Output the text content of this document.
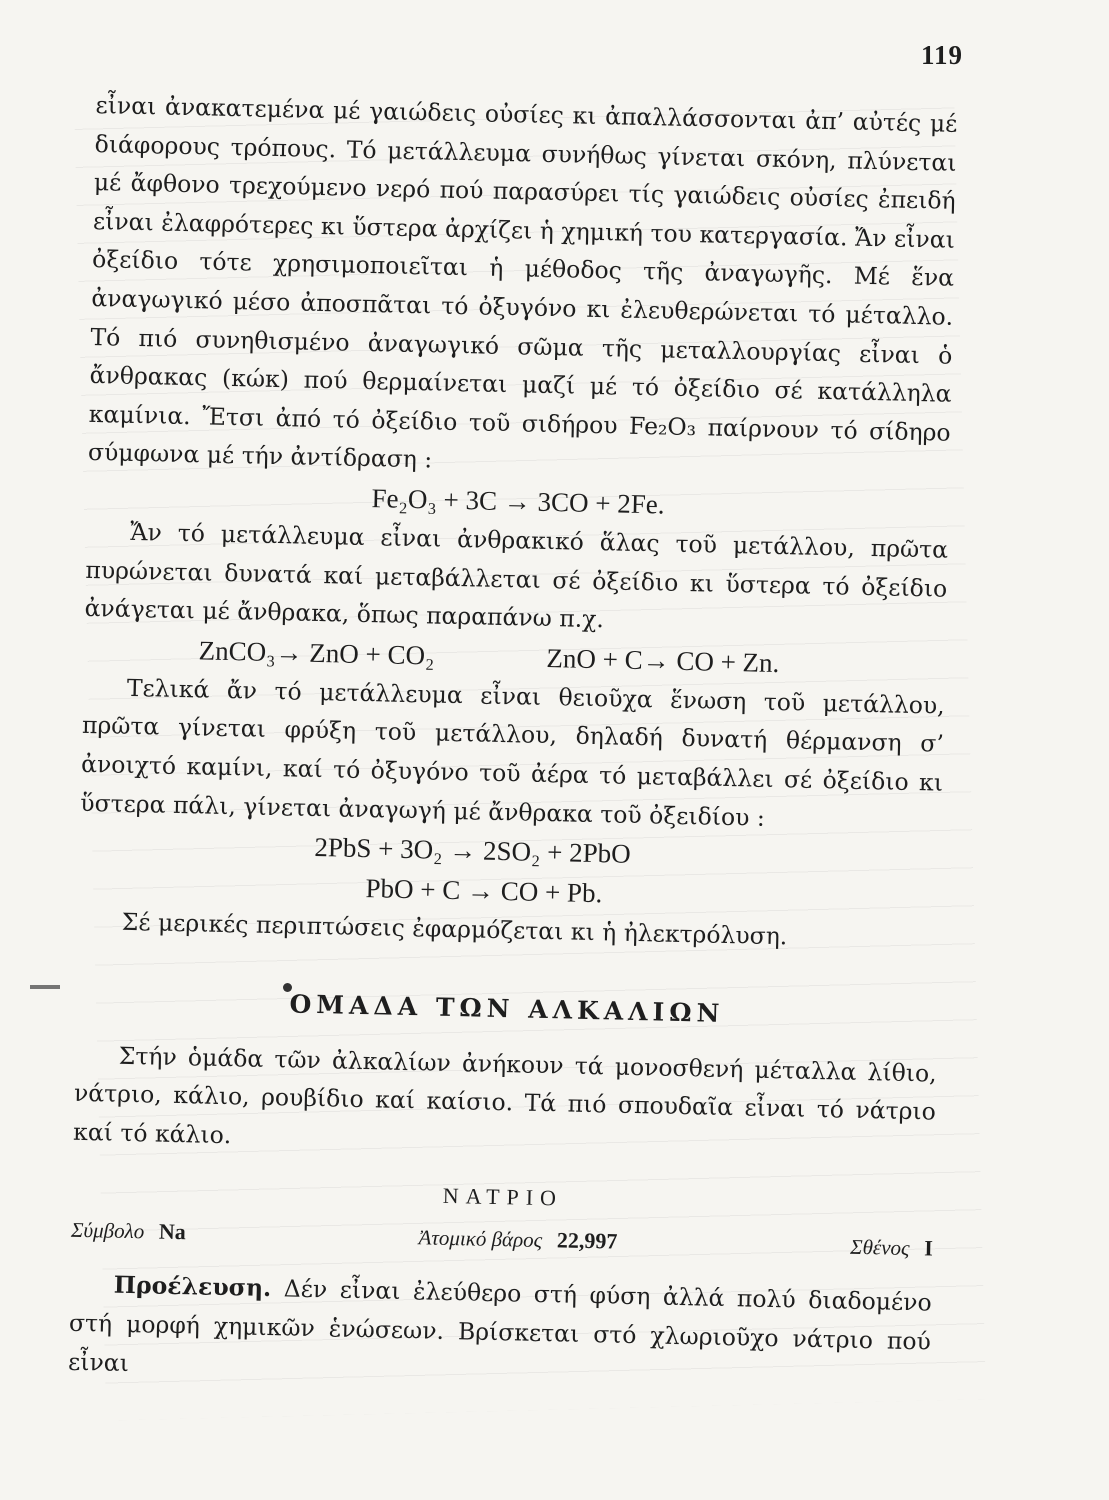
119

εἶναι ἀνακατεμένα μέ γαιώδεις οὐσίες κι ἀπαλλάσσονται ἀπ’ αὐτές μέ διάφορους τρόπους. Τό μετάλλευμα συνήθως γίνεται σκόνη, πλύνεται μέ ἄφθονο τρεχούμενο νερό πού παρασύρει τίς γαιώδεις οὐσίες ἐπειδή εἶναι ἐλαφρότερες κι ὕστερα ἀρχίζει ἡ χημική του κατεργασία. Ἄν εἶναι ὀξείδιο τότε χρησιμοποιεῖται ἡ μέθοδος τῆς ἀναγωγῆς. Μέ ἕνα ἀναγωγικό μέσο ἀποσπᾶται τό ὀξυγόνο κι ἐλευθερώνεται τό μέταλλο. Τό πιό συνηθισμένο ἀναγωγικό σῶμα τῆς μεταλλουργίας εἶναι ὁ ἄνθρακας (κώκ) πού θερμαίνεται μαζί μέ τό ὀξείδιο σέ κατάλληλα καμίνια. Ἔτσι ἀπό τό ὀξείδιο τοῦ σιδήρου Fe₂O₃ παίρνουν τό σίδηρο σύμφωνα μέ τήν ἀντίδραση :

Fe₂O₃ + 3C → 3CO + 2Fe.

Ἄν τό μετάλλευμα εἶναι ἀνθρακικό ἅλας τοῦ μετάλλου, πρῶτα πυρώνεται δυνατά καί μεταβάλλεται σέ ὀξείδιο κι ὕστερα τό ὀξείδιο ἀνάγεται μέ ἄνθρακα, ὅπως παραπάνω π.χ.

ZnCO₃→ ZnO + CO₂	ZnO + C→ CO + Zn.

Τελικά ἄν τό μετάλλευμα εἶναι θειοῦχα ἕνωση τοῦ μετάλλου, πρῶτα γίνεται φρύξη τοῦ μετάλλου, δηλαδή δυνατή θέρμανση σ’ ἀνοιχτό καμίνι, καί τό ὀξυγόνο τοῦ ἀέρα τό μεταβάλλει σέ ὀξείδιο κι ὕστερα πάλι, γίνεται ἀναγωγή μέ ἄνθρακα τοῦ ὀξειδίου :

2PbS + 3O₂ → 2SO₂ + 2PbO

PbO + C → CO + Pb.

Σέ μερικές περιπτώσεις ἐφαρμόζεται κι ἡ ἠλεκτρόλυση.

ΟΜΑΔΑ ΤΩΝ ΑΛΚΑΛΙΩΝ

Στήν ὁμάδα τῶν ἀλκαλίων ἀνήκουν τά μονοσθενή μέταλλα λίθιο, νάτριο, κάλιο, ρουβίδιο καί καίσιο. Τά πιό σπουδαῖα εἶναι τό νάτριο καί τό κάλιο.

ΝΑΤΡΙΟ
Σύμβολο Na	Ἀτομικό βάρος 22,997	Σθένος I

Προέλευση. Δέν εἶναι ἐλεύθερο στή φύση ἀλλά πολύ διαδομένο στή μορφή χημικῶν ἑνώσεων. Βρίσκεται στό χλωριοῦχο νάτριο πού εἶναι
